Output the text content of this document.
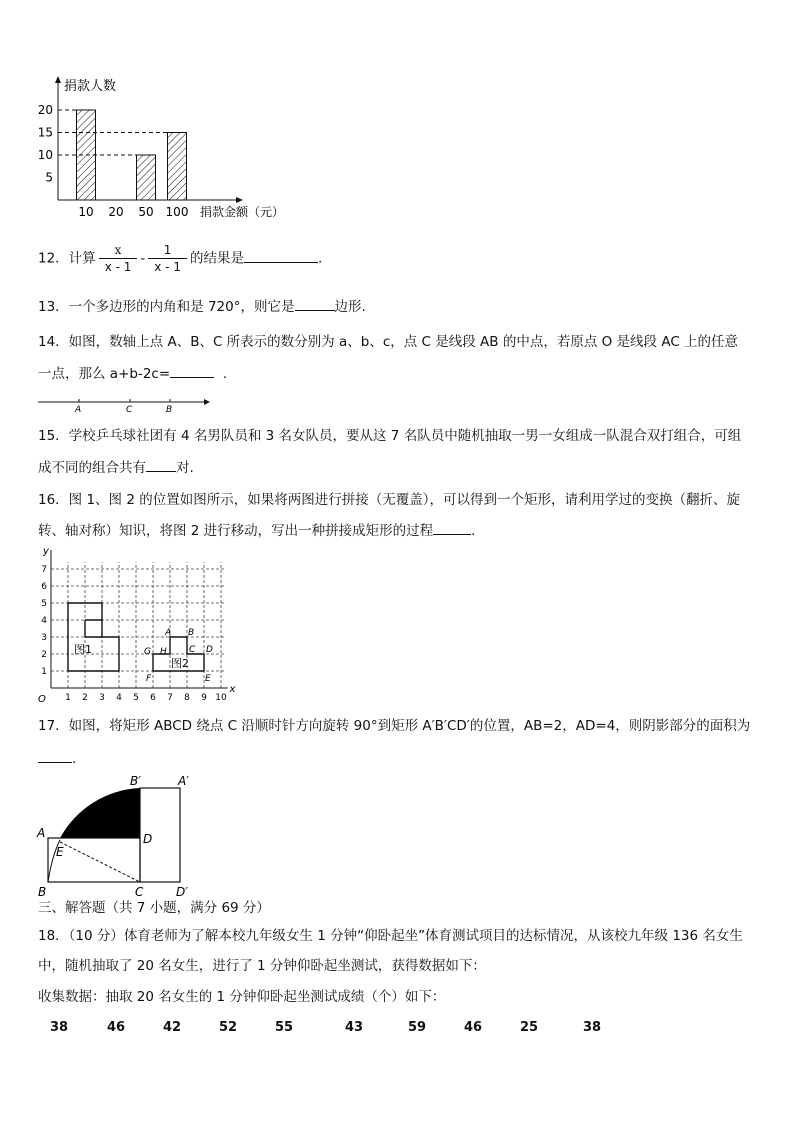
5
10
15
20
10 20 50 100
捐款人数
捐款金额（元）
12．计算 $\frac{x}{x - 1} - \frac{1}{x - 1}$ 的结果是	.
13．一个多边形的内角和是 720°，则它是	边形.
14．如图，数轴上点 A、B、C 所表示的数分别为 a、b、c，点 C 是线段 AB 的中点，若原点 O 是线段 AC 上的任意
一点，那么 a+b-2c=	.
A	C	B
15．学校乒乓球社团有 4 名男队员和 3 名女队员，要从这 7 名队员中随机抽取一男一女组成一队混合双打组合，可组
成不同的组合共有 对.
16．图 1、图 2 的位置如图所示，如果将两图进行拼接（无覆盖），可以得到一个矩形，请利用学过的变换（翻折、旋
转、轴对称）知识，将图 2 进行移动，写出一种拼接成矩形的过程	.
y
x
O 1 2 3 4 5 6 7 8 9 10
1
2
3
4
5
6
7
图1
图2
A B
C D
E
F
G H
17．如图，将矩形 ABCD 绕点 C 沿顺时针方向旋转 90°到矩形 A′B′CD′的位置，AB=2，AD=4，则阴影部分的面积为
.
B′	A′
A	D
E
B	C	D′
三、解答题（共 7 小题，满分 69 分）
18．（10 分）体育老师为了解本校九年级女生 1 分钟“仰卧起坐”体育测试项目的达标情况，从该校九年级 136 名女生
中，随机抽取了 20 名女生，进行了 1 分钟仰卧起坐测试，获得数据如下：
收集数据：抽取 20 名女生的 1 分钟仰卧起坐测试成绩（个）如下：
38	46	42	52	55	43	59	46	25	38
